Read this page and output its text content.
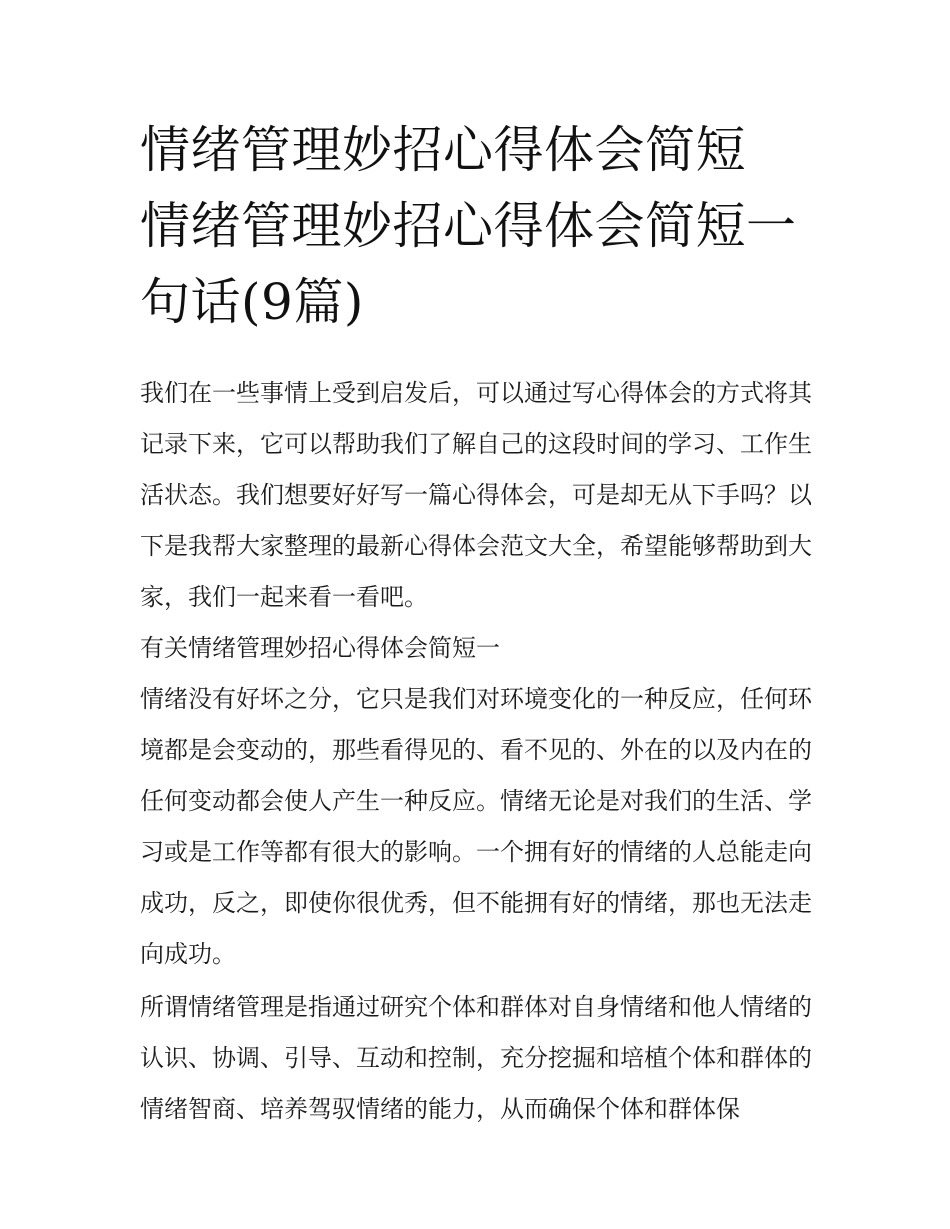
情绪管理妙招心得体会简短 情绪管理妙招心得体会简短一句话(9篇)

我们在一些事情上受到启发后，可以通过写心得体会的方式将其记录下来，它可以帮助我们了解自己的这段时间的学习、工作生活状态。我们想要好好写一篇心得体会，可是却无从下手吗？以下是我帮大家整理的最新心得体会范文大全，希望能够帮助到大家，我们一起来看一看吧。

有关情绪管理妙招心得体会简短一

情绪没有好坏之分，它只是我们对环境变化的一种反应，任何环境都是会变动的，那些看得见的、看不见的、外在的以及内在的任何变动都会使人产生一种反应。情绪无论是对我们的生活、学习或是工作等都有很大的影响。一个拥有好的情绪的人总能走向成功，反之，即使你很优秀，但不能拥有好的情绪，那也无法走向成功。

所谓情绪管理是指通过研究个体和群体对自身情绪和他人情绪的认识、协调、引导、互动和控制，充分挖掘和培植个体和群体的情绪智商、培养驾驭情绪的能力，从而确保个体和群体保
